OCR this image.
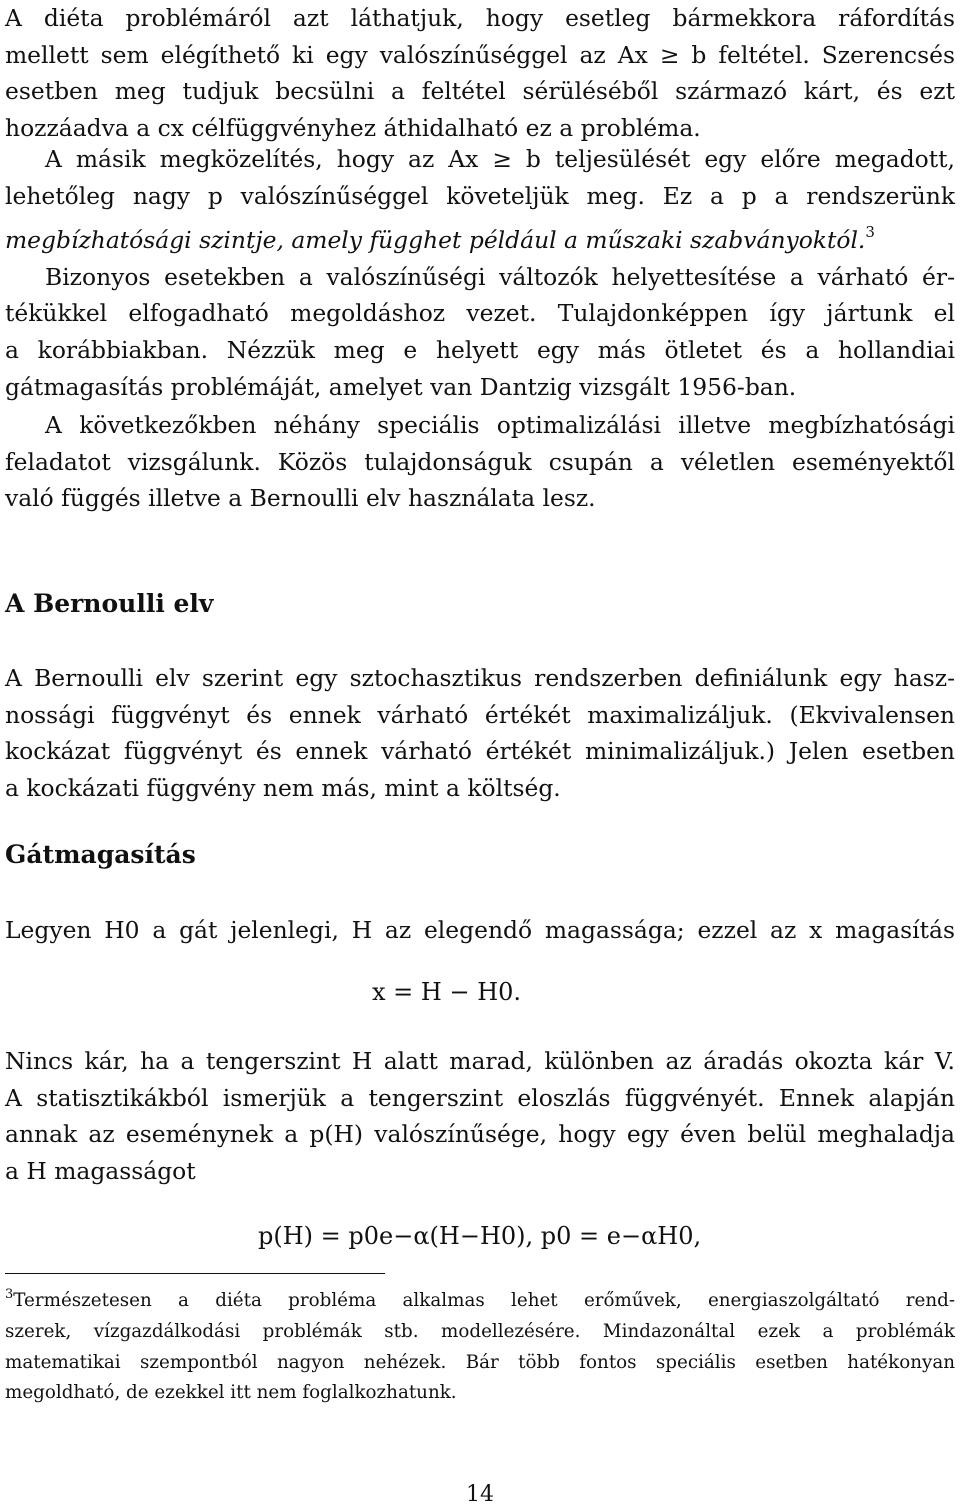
A diéta problémáról azt láthatjuk, hogy esetleg bármekkora ráfordítás
mellett sem elégíthető ki egy valószínűséggel az Ax ≥ b feltétel. Szerencsés
esetben meg tudjuk becsülni a feltétel sérüléséből származó kárt, és ezt
hozzáadva a cx célfüggvényhez áthidalható ez a probléma.
A másik megközelítés, hogy az Ax ≥ b teljesülését egy előre megadott,
lehetőleg nagy p valószínűséggel követeljük meg. Ez a p a rendszerünk
megbízhatósági szintje, amely függhet például a műszaki szabványoktól.$^3$
Bizonyos esetekben a valószínűségi változók helyettesítése a várható ér-
tékükkel elfogadható megoldáshoz vezet. Tulajdonképpen így jártunk el
a korábbiakban. Nézzük meg e helyett egy más ötletet és a hollandiai
gátmagasítás problémáját, amelyet van Dantzig vizsgált 1956-ban.
A következőkben néhány speciális optimalizálási illetve megbízhatósági
feladatot vizsgálunk. Közös tulajdonságuk csupán a véletlen eseményektől
való függés illetve a Bernoulli elv használata lesz.
A Bernoulli elv
A Bernoulli elv szerint egy sztochasztikus rendszerben definiálunk egy hasz-
nossági függvényt és ennek várható értékét maximalizáljuk. (Ekvivalensen
kockázat függvényt és ennek várható értékét minimalizáljuk.) Jelen esetben
a kockázati függvény nem más, mint a költség.
Gátmagasítás
Legyen H0 a gát jelenlegi, H az elegendő magassága; ezzel az x magasítás
x = H − H0.
Nincs kár, ha a tengerszint H alatt marad, különben az áradás okozta kár V.
A statisztikákból ismerjük a tengerszint eloszlás függvényét. Ennek alapján
annak az eseménynek a p(H) valószínűsége, hogy egy éven belül meghaladja
a H magasságot
p(H) = p0e−α(H−H0), p0 = e−αH0,
$^3$Természetesen a diéta probléma alkalmas lehet erőművek, energiaszolgáltató rend-
szerek, vízgazdálkodási problémák stb. modellezésére. Mindazonáltal ezek a problémák
matematikai szempontból nagyon nehézek. Bár több fontos speciális esetben hatékonyan
megoldható, de ezekkel itt nem foglalkozhatunk.
14
